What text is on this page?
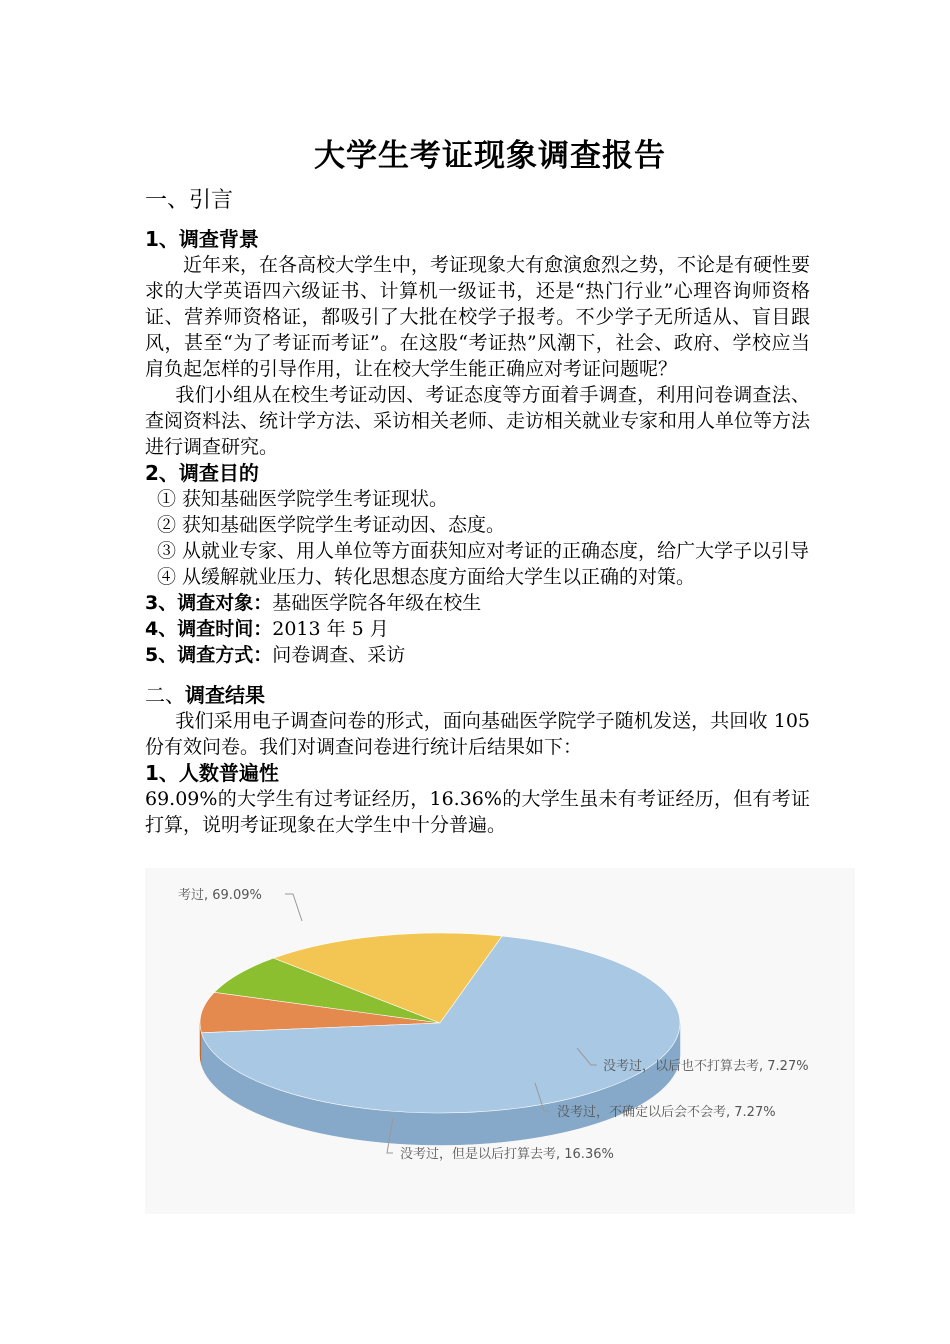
大学生考证现象调查报告
一、引言
1、调查背景

近年来，在各高校大学生中，考证现象大有愈演愈烈之势，不论是有硬性要求的大学英语四六级证书、计算机一级证书，还是“热门行业”心理咨询师资格证、营养师资格证，都吸引了大批在校学子报考。不少学子无所适从、盲目跟风，甚至“为了考证而考证”。在这股“考证热”风潮下，社会、政府、学校应当肩负起怎样的引导作用，让在校大学生能正确应对考证问题呢？

我们小组从在校生考证动因、考证态度等方面着手调查，利用问卷调查法、查阅资料法、统计学方法、采访相关老师、走访相关就业专家和用人单位等方法进行调查研究。

2、调查目的

① 获知基础医学院学生考证现状。

② 获知基础医学院学生考证动因、态度。

③ 从就业专家、用人单位等方面获知应对考证的正确态度，给广大学子以引导

④ 从缓解就业压力、转化思想态度方面给大学生以正确的对策。

3、调查对象：基础医学院各年级在校生

4、调查时间：2013 年 5 月

5、调查方式：问卷调查、采访

二、调查结果

我们采用电子调查问卷的形式，面向基础医学院学子随机发送，共回收 105 份有效问卷。我们对调查问卷进行统计后结果如下：

1、人数普遍性

69.09%的大学生有过考证经历，16.36%的大学生虽未有考证经历，但有考证打算，说明考证现象在大学生中十分普遍。

考过, 69.09%
没考过，以后也不打算去考, 7.27%
没考过，不确定以后会不会考, 7.27%
没考过，但是以后打算去考, 16.36%
